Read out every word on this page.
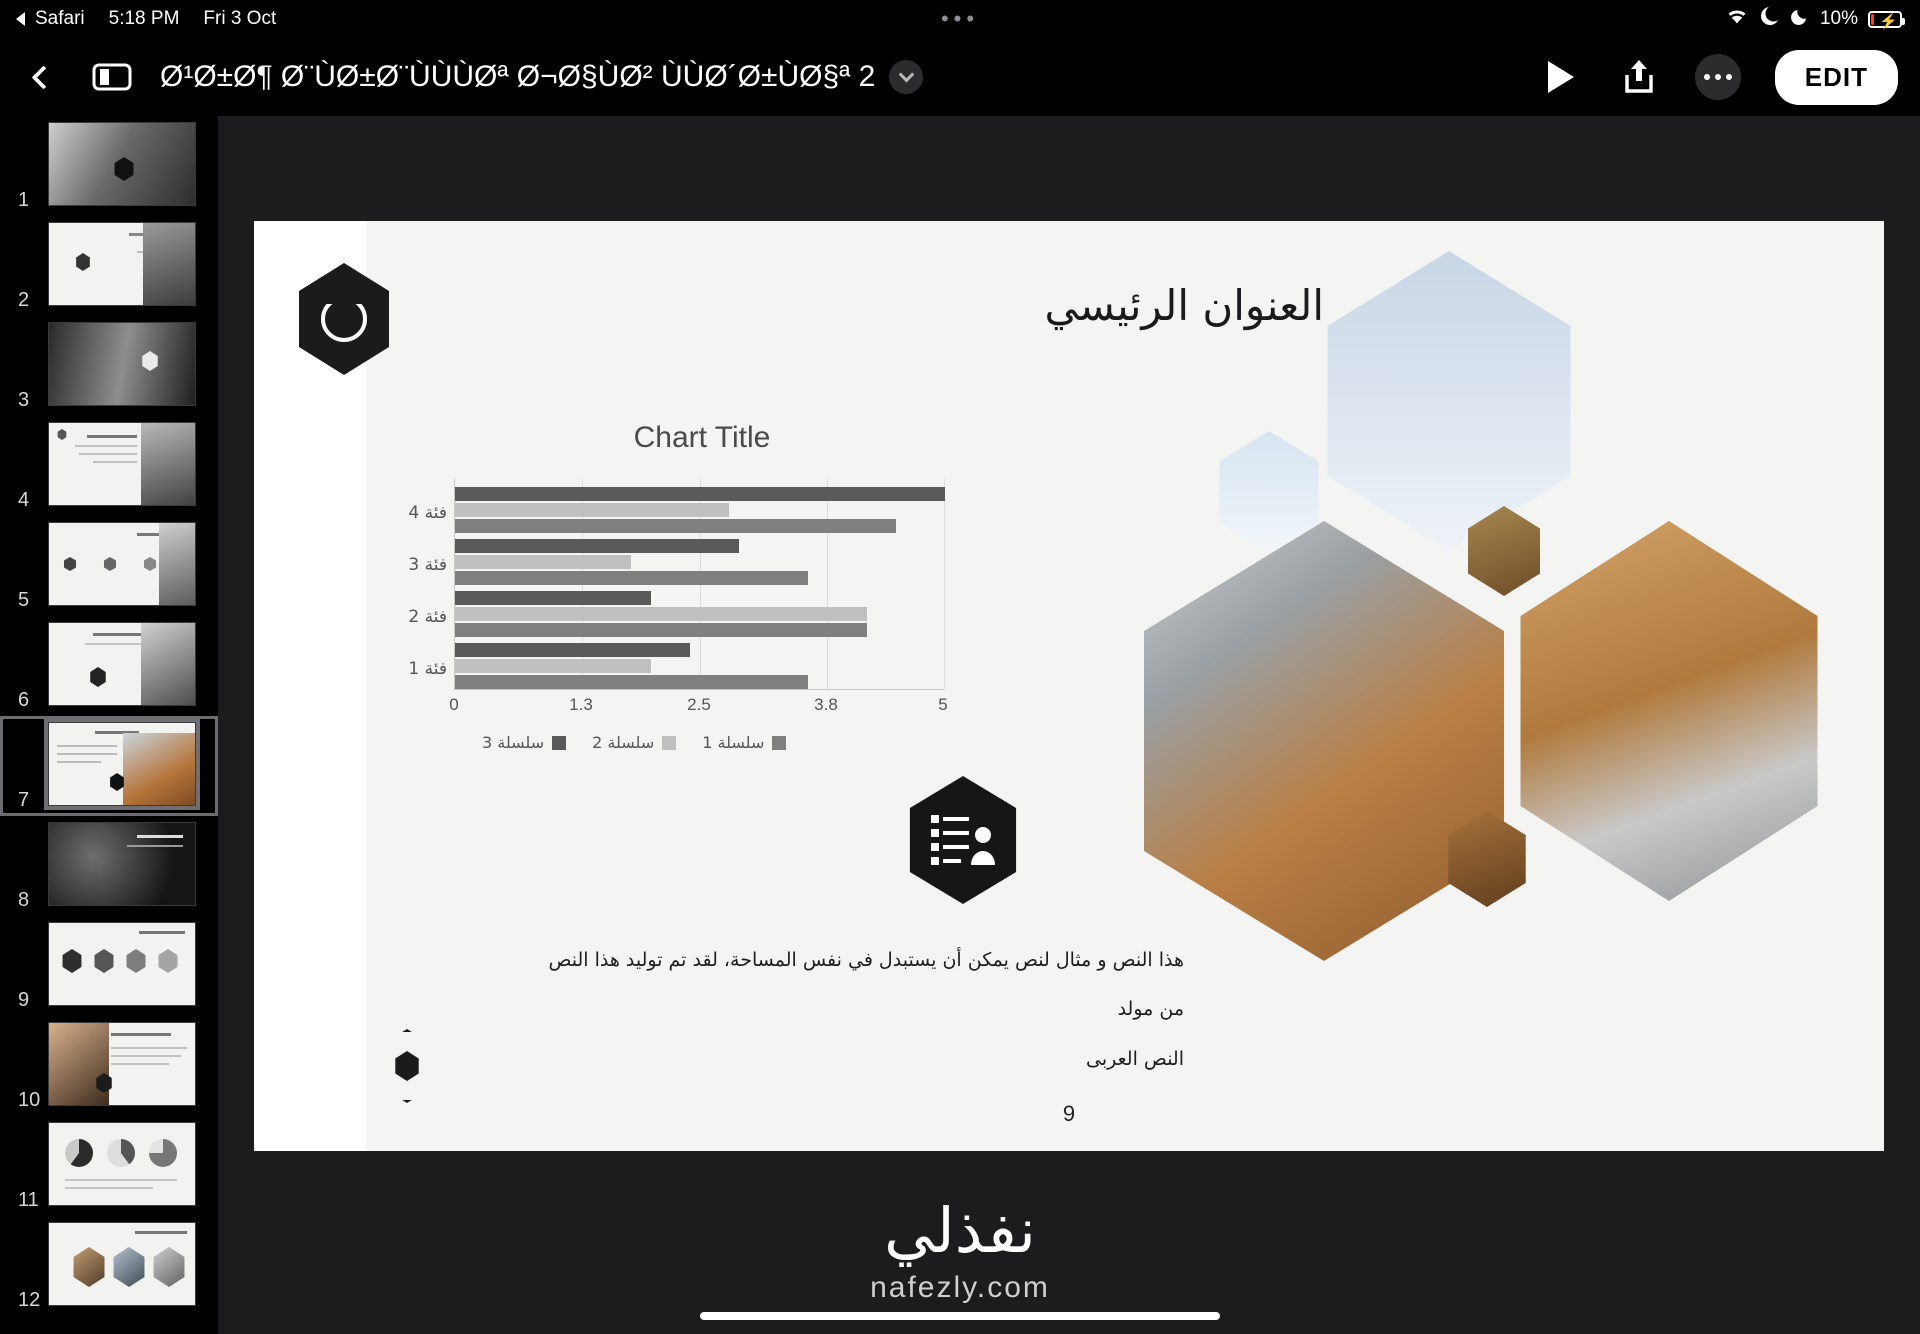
Safari 5:18 PM Fri 3 Oct	•••	10% ⚡
Ø¹Ø±Ø¶ Ø¨ÙØ±Ø¨ÙÙÙØª Ø¬Ø§ÙØ² ÙÙØ´Ø±ÙØ§ª 2	EDIT
1
2
3
4
5
6
7
8
9
10
11
12
العنوان الرئيسي
Chart Title
فئة 4
فئة 3
فئة 2
فئة 1
0	1.3	2.5	3.8	5
سلسلة 3	سلسلة 2	سلسلة 1
هذا النص و مثال لنص يمكن أن يستبدل في نفس المساحة، لقد تم توليد هذا النص من مولد
النص العربى
9
نفذلي
nafezly.com
